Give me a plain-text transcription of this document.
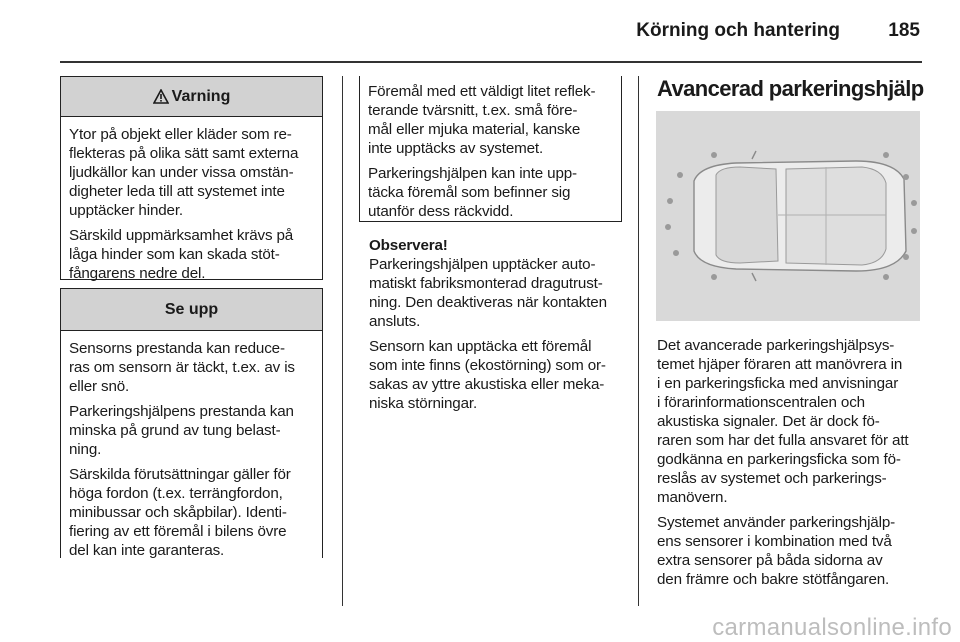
Körning och hantering	185
Varning

Ytor på objekt eller kläder som re-
flekteras på olika sätt samt externa
ljudkällor kan under vissa omstän-
digheter leda till att systemet inte
upptäcker hinder.

Särskild uppmärksamhet krävs på
låga hinder som kan skada stöt-
fångarens nedre del.

Se upp

Sensorns prestanda kan reduce-
ras om sensorn är täckt, t.ex. av is
eller snö.

Parkeringshjälpens prestanda kan
minska på grund av tung belast-
ning.

Särskilda förutsättningar gäller för
höga fordon (t.ex. terrängfordon,
minibussar och skåpbilar). Identi-
fiering av ett föremål i bilens övre
del kan inte garanteras.

Föremål med ett väldigt litet reflek-
terande tvärsnitt, t.ex. små före-
mål eller mjuka material, kanske
inte upptäcks av systemet.

Parkeringshjälpen kan inte upp-
täcka föremål som befinner sig
utanför dess räckvidd.

Observera!

Parkeringshjälpen upptäcker auto-
matiskt fabriksmonterad dragutrust-
ning. Den deaktiveras när kontakten
ansluts.

Sensorn kan upptäcka ett föremål
som inte finns (ekostörning) som or-
sakas av yttre akustiska eller meka-
niska störningar.

Avancerad parkeringshjälp

Det avancerade parkeringshjälpsys-
temet hjäper föraren att manövrera in
i en parkeringsficka med anvisningar
i förarinformationscentralen och
akustiska signaler. Det är dock fö-
raren som har det fulla ansvaret för att
godkänna en parkeringsficka som fö-
reslås av systemet och parkerings-
manövern.

Systemet använder parkeringshjälp-
ens sensorer i kombination med två
extra sensorer på båda sidorna av
den främre och bakre stötfångaren.

carmanualsonline.info
